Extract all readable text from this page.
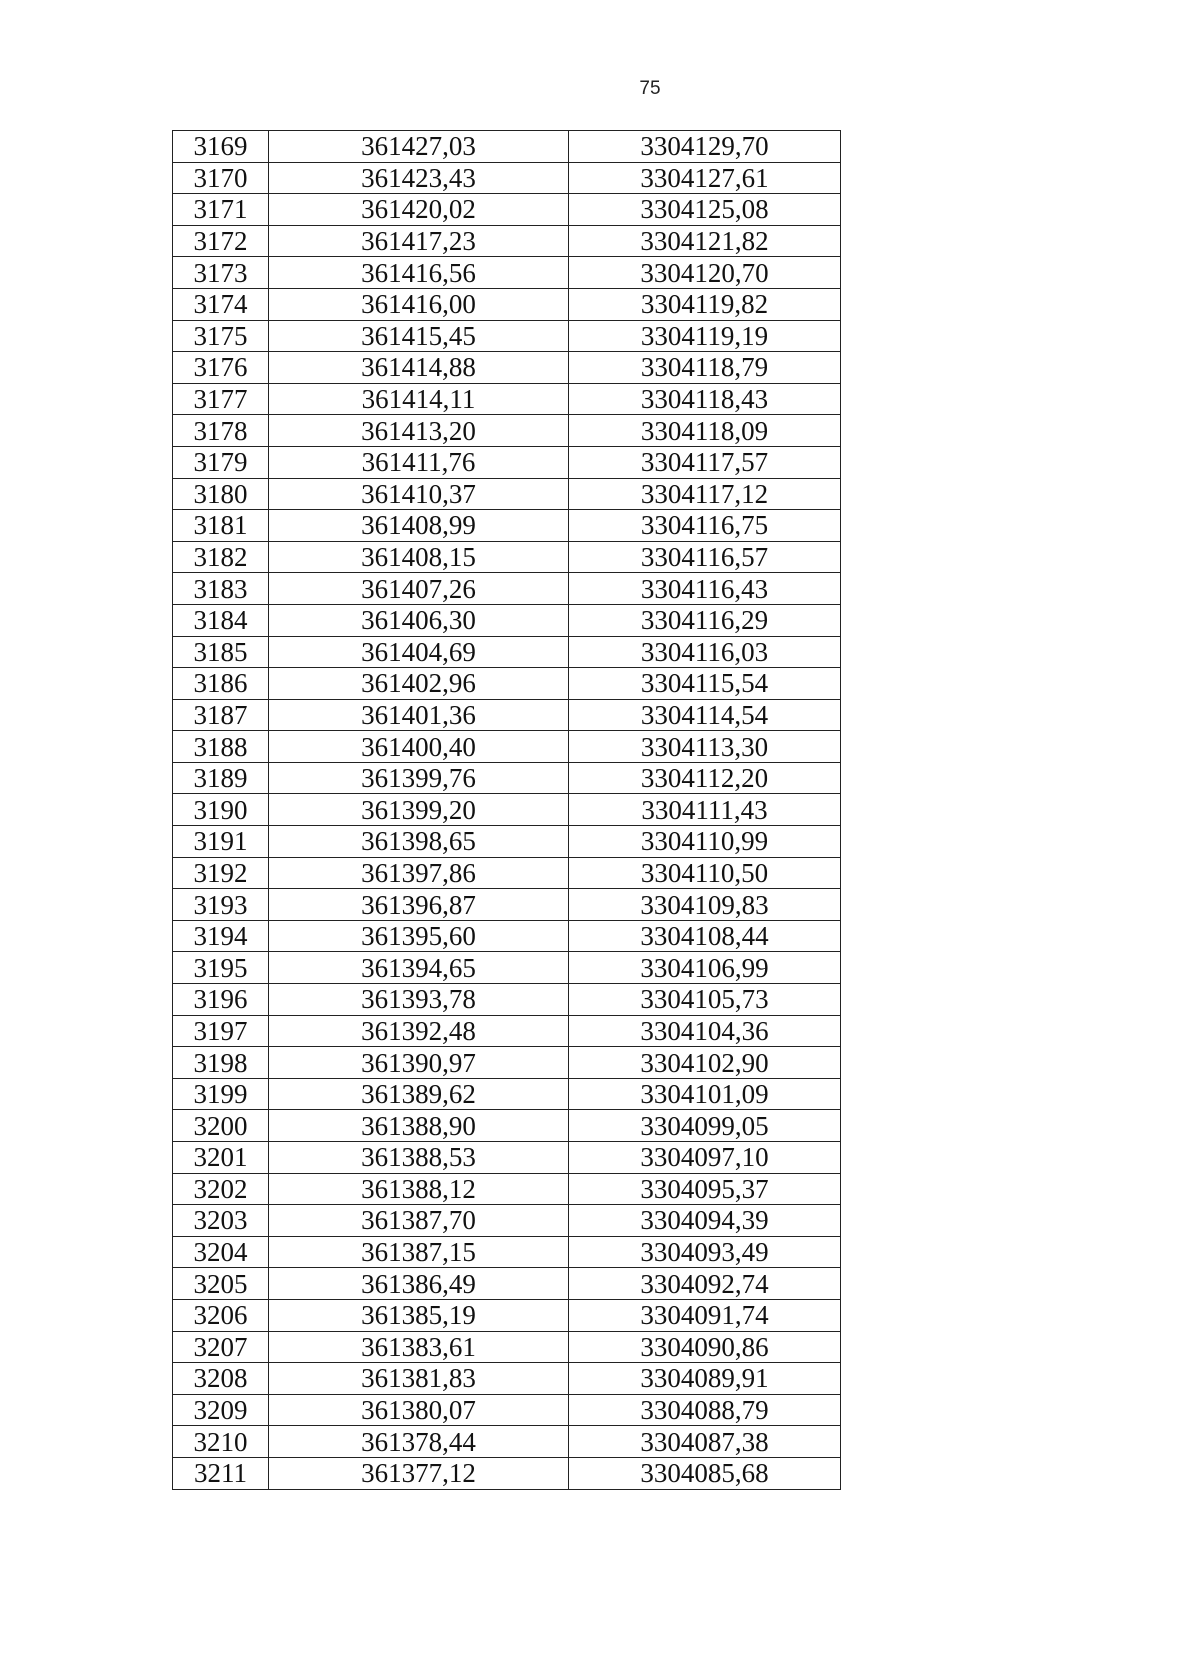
75
3169	361427,03	3304129,70
3170	361423,43	3304127,61
3171	361420,02	3304125,08
3172	361417,23	3304121,82
3173	361416,56	3304120,70
3174	361416,00	3304119,82
3175	361415,45	3304119,19
3176	361414,88	3304118,79
3177	361414,11	3304118,43
3178	361413,20	3304118,09
3179	361411,76	3304117,57
3180	361410,37	3304117,12
3181	361408,99	3304116,75
3182	361408,15	3304116,57
3183	361407,26	3304116,43
3184	361406,30	3304116,29
3185	361404,69	3304116,03
3186	361402,96	3304115,54
3187	361401,36	3304114,54
3188	361400,40	3304113,30
3189	361399,76	3304112,20
3190	361399,20	3304111,43
3191	361398,65	3304110,99
3192	361397,86	3304110,50
3193	361396,87	3304109,83
3194	361395,60	3304108,44
3195	361394,65	3304106,99
3196	361393,78	3304105,73
3197	361392,48	3304104,36
3198	361390,97	3304102,90
3199	361389,62	3304101,09
3200	361388,90	3304099,05
3201	361388,53	3304097,10
3202	361388,12	3304095,37
3203	361387,70	3304094,39
3204	361387,15	3304093,49
3205	361386,49	3304092,74
3206	361385,19	3304091,74
3207	361383,61	3304090,86
3208	361381,83	3304089,91
3209	361380,07	3304088,79
3210	361378,44	3304087,38
3211	361377,12	3304085,68
